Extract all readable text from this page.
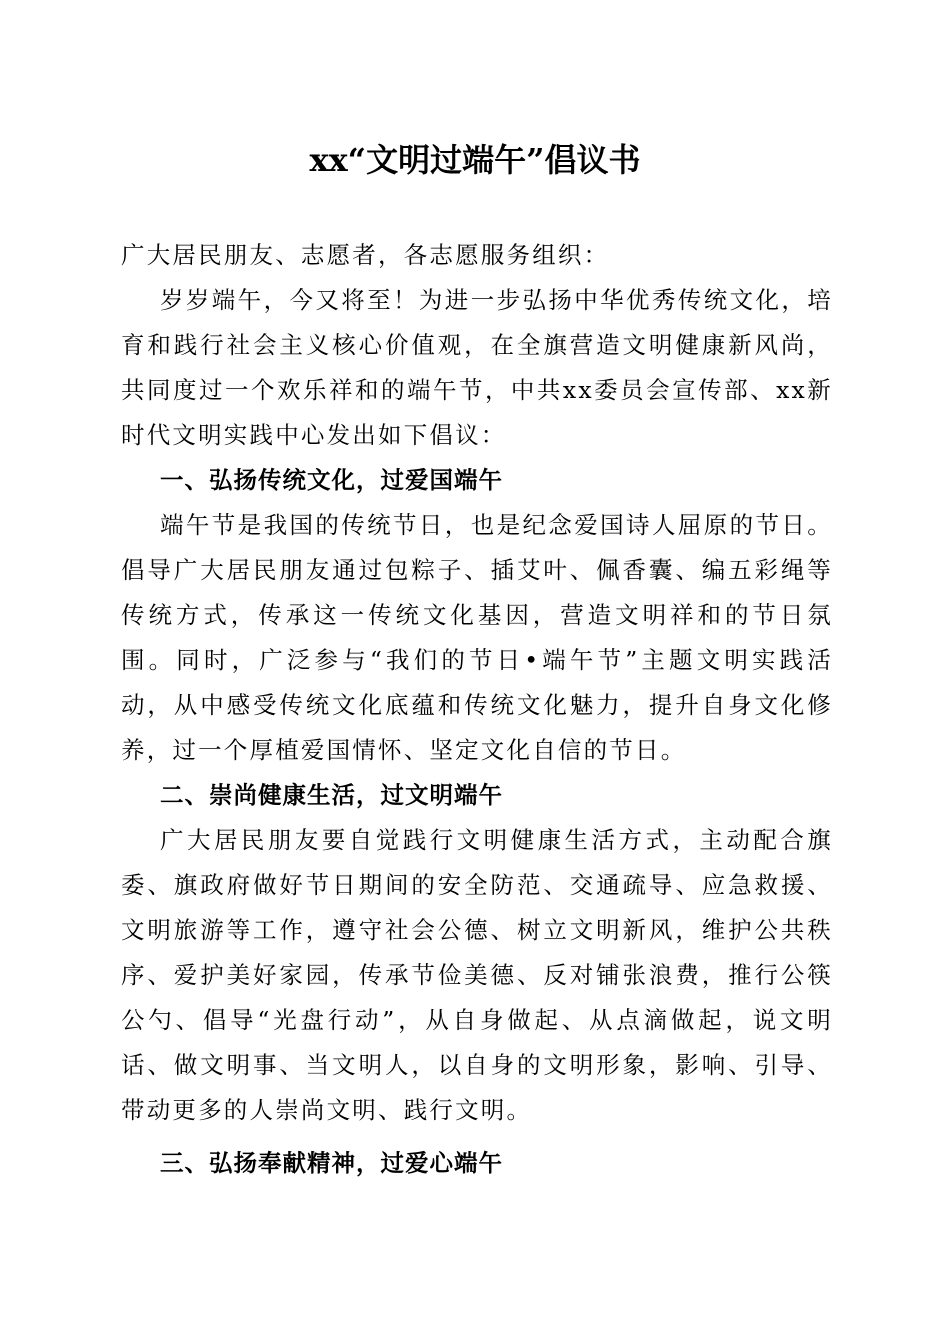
xx“文明过端午”倡议书

广大居民朋友、志愿者，各志愿服务组织：

岁岁端午，今又将至！为进一步弘扬中华优秀传统文化，培育和践行社会主义核心价值观，在全旗营造文明健康新风尚，共同度过一个欢乐祥和的端午节，中共xx委员会宣传部、xx新时代文明实践中心发出如下倡议：

一、弘扬传统文化，过爱国端午

端午节是我国的传统节日，也是纪念爱国诗人屈原的节日。倡导广大居民朋友通过包粽子、插艾叶、佩香囊、编五彩绳等传统方式，传承这一传统文化基因，营造文明祥和的节日氛围。同时，广泛参与“我们的节日•端午节”主题文明实践活动，从中感受传统文化底蕴和传统文化魅力，提升自身文化修养，过一个厚植爱国情怀、坚定文化自信的节日。

二、崇尚健康生活，过文明端午

广大居民朋友要自觉践行文明健康生活方式，主动配合旗委、旗政府做好节日期间的安全防范、交通疏导、应急救援、文明旅游等工作，遵守社会公德、树立文明新风，维护公共秩序、爱护美好家园，传承节俭美德、反对铺张浪费，推行公筷公勺、倡导“光盘行动”，从自身做起、从点滴做起，说文明话、做文明事、当文明人，以自身的文明形象，影响、引导、带动更多的人崇尚文明、践行文明。

三、弘扬奉献精神，过爱心端午
